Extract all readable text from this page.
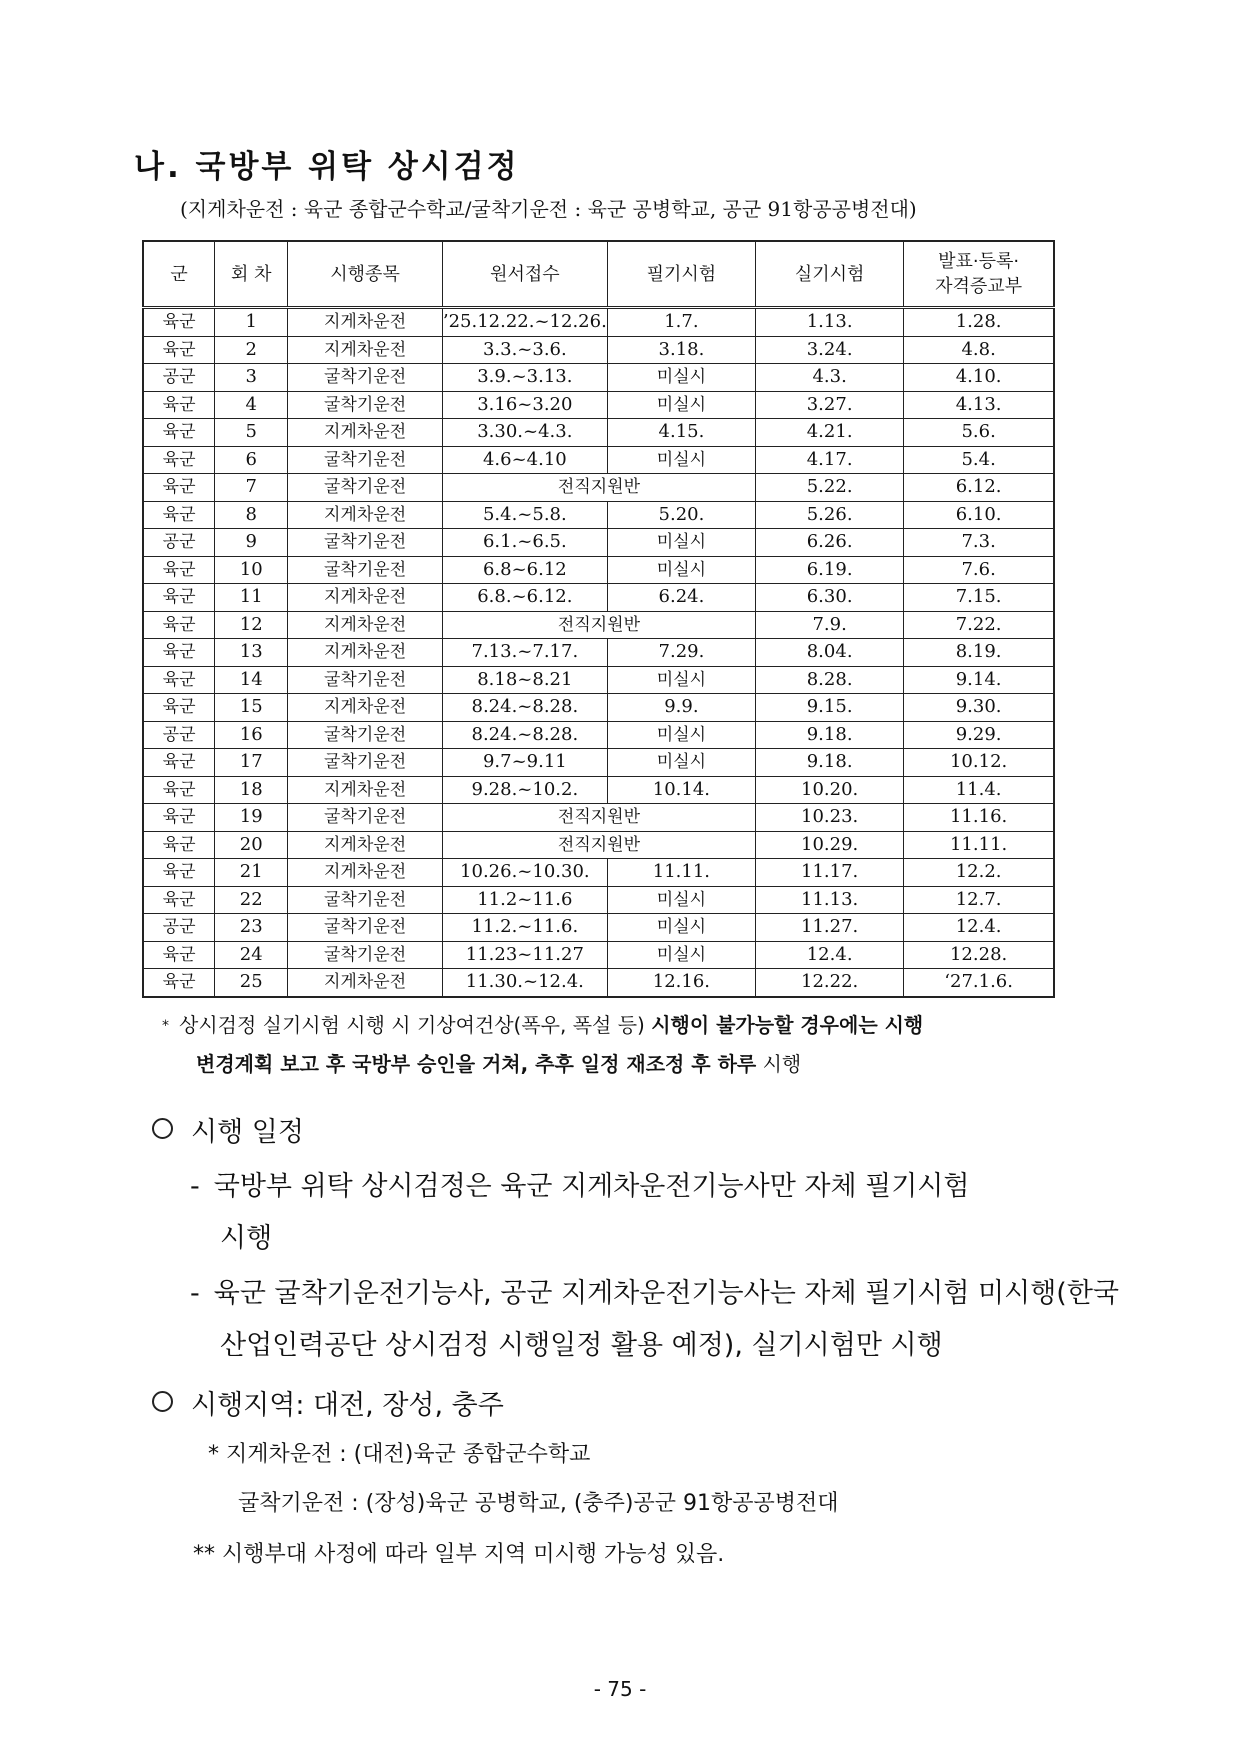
나. 국방부 위탁 상시검정
(지게차운전 : 육군 종합군수학교/굴착기운전 : 육군 공병학교, 공군 91항공공병전대)
군	회 차	시행종목	원서접수	필기시험	실기시험	발표·등록·
자격증교부
육군	1	지게차운전	’25.12.22.~12.26.	1.7.	1.13.	1.28.
육군	2	지게차운전	3.3.~3.6.	3.18.	3.24.	4.8.
공군	3	굴착기운전	3.9.~3.13.	미실시	4.3.	4.10.
육군	4	굴착기운전	3.16~3.20	미실시	3.27.	4.13.
육군	5	지게차운전	3.30.~4.3.	4.15.	4.21.	5.6.
육군	6	굴착기운전	4.6~4.10	미실시	4.17.	5.4.
육군	7	굴착기운전	전직지원반		5.22.	6.12.
육군	8	지게차운전	5.4.~5.8.	5.20.	5.26.	6.10.
공군	9	굴착기운전	6.1.~6.5.	미실시	6.26.	7.3.
육군	10	굴착기운전	6.8~6.12	미실시	6.19.	7.6.
육군	11	지게차운전	6.8.~6.12.	6.24.	6.30.	7.15.
육군	12	지게차운전	전직지원반		7.9.	7.22.
육군	13	지게차운전	7.13.~7.17.	7.29.	8.04.	8.19.
육군	14	굴착기운전	8.18~8.21	미실시	8.28.	9.14.
육군	15	지게차운전	8.24.~8.28.	9.9.	9.15.	9.30.
공군	16	굴착기운전	8.24.~8.28.	미실시	9.18.	9.29.
육군	17	굴착기운전	9.7~9.11	미실시	9.18.	10.12.
육군	18	지게차운전	9.28.~10.2.	10.14.	10.20.	11.4.
육군	19	굴착기운전	전직지원반		10.23.	11.16.
육군	20	지게차운전	전직지원반		10.29.	11.11.
육군	21	지게차운전	10.26.~10.30.	11.11.	11.17.	12.2.
육군	22	굴착기운전	11.2~11.6	미실시	11.13.	12.7.
공군	23	굴착기운전	11.2.~11.6.	미실시	11.27.	12.4.
육군	24	굴착기운전	11.23~11.27	미실시	12.4.	12.28.
육군	25	지게차운전	11.30.~12.4.	12.16.	12.22.	‘27.1.6.
* 상시검정 실기시험 시행 시 기상여건상(폭우, 폭설 등) 시행이 불가능할 경우에는 시행
변경계획 보고 후 국방부 승인을 거쳐, 추후 일정 재조정 후 하루 시행
시행 일정
- 국방부 위탁 상시검정은 육군 지게차운전기능사만 자체 필기시험
시행
- 육군 굴착기운전기능사, 공군 지게차운전기능사는 자체 필기시험 미시행(한국
산업인력공단 상시검정 시행일정 활용 예정), 실기시험만 시행
시행지역: 대전, 장성, 충주
* 지게차운전 : (대전)육군 종합군수학교
굴착기운전 : (장성)육군 공병학교, (충주)공군 91항공공병전대
** 시행부대 사정에 따라 일부 지역 미시행 가능성 있음.
- 75 -
